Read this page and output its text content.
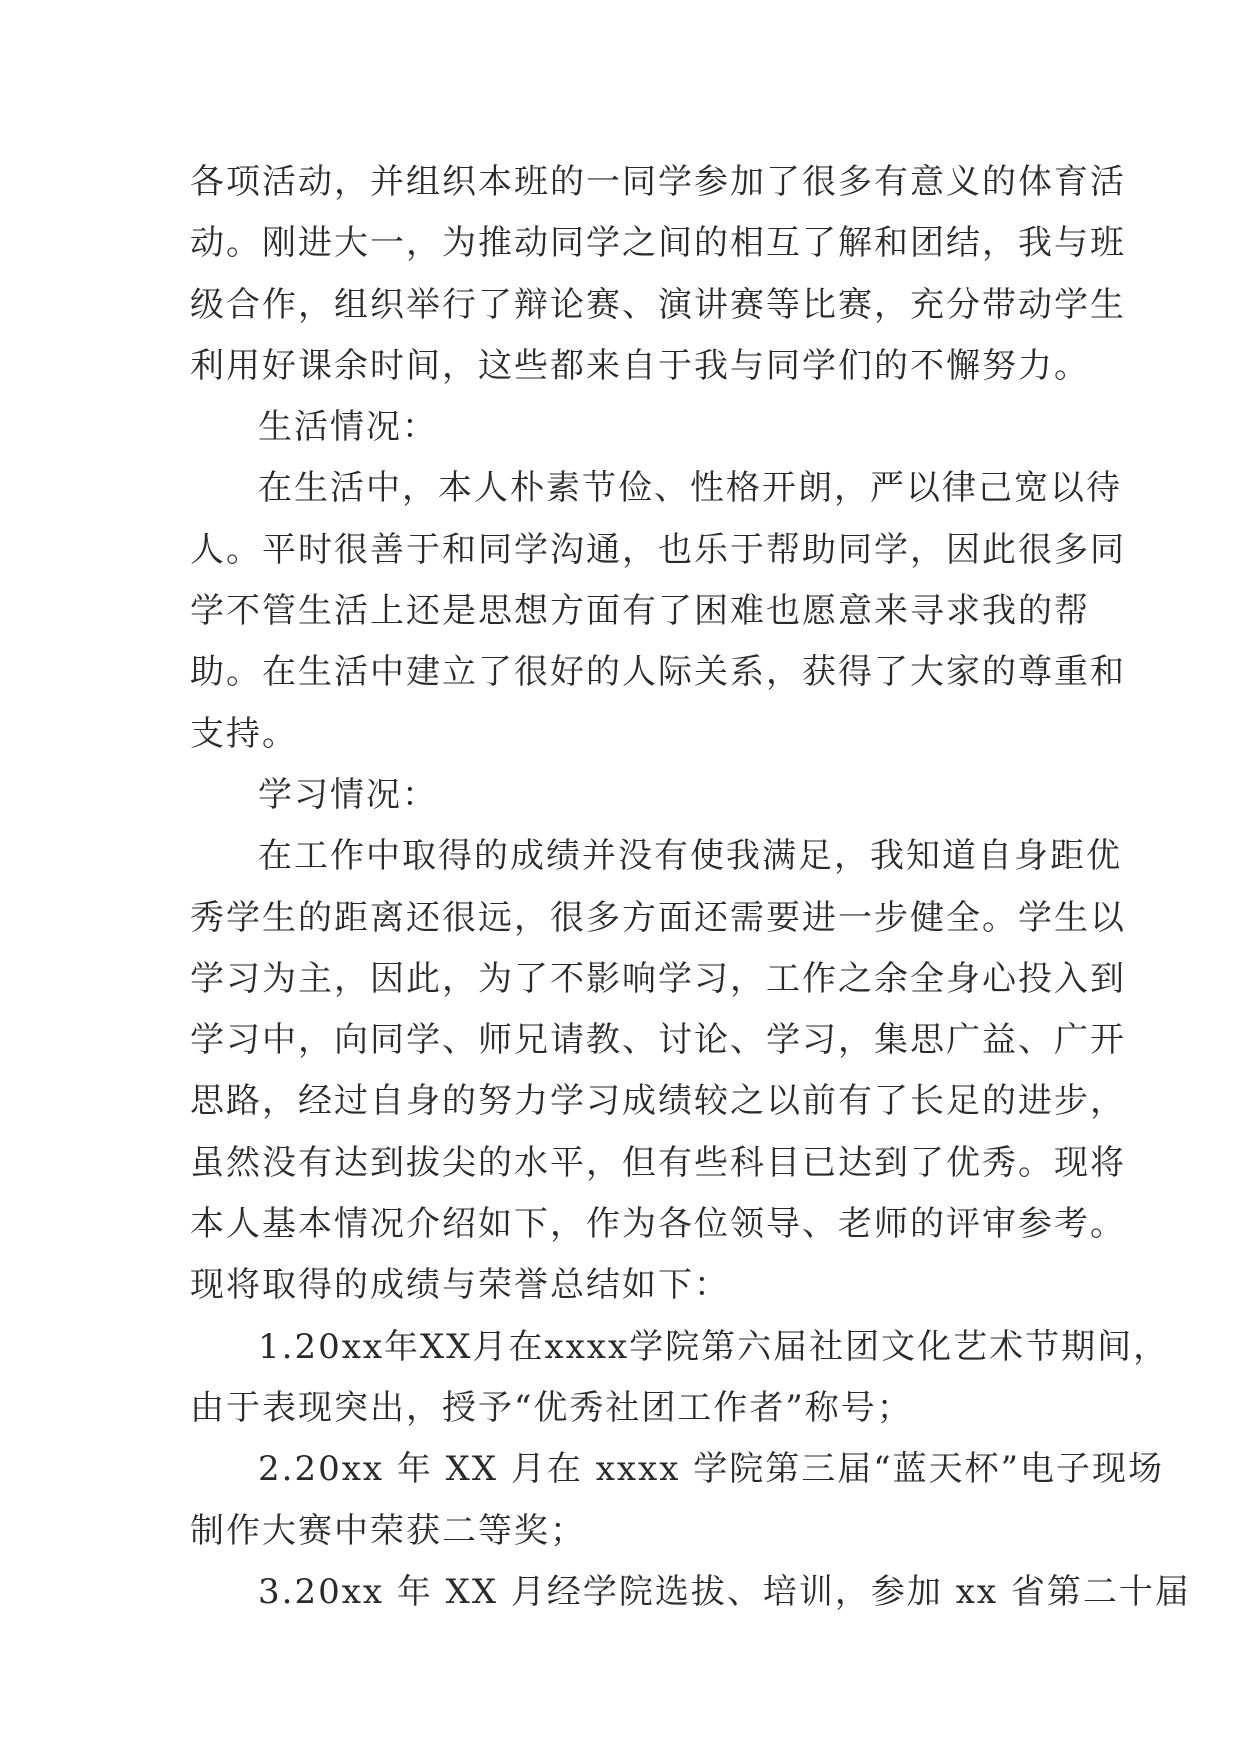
各项活动，并组织本班的一同学参加了很多有意义的体育活
动。刚进大一，为推动同学之间的相互了解和团结，我与班
级合作，组织举行了辩论赛、演讲赛等比赛，充分带动学生
利用好课余时间，这些都来自于我与同学们的不懈努力。
生活情况：
在生活中，本人朴素节俭、性格开朗，严以律己宽以待
人。平时很善于和同学沟通，也乐于帮助同学，因此很多同
学不管生活上还是思想方面有了困难也愿意来寻求我的帮
助。在生活中建立了很好的人际关系，获得了大家的尊重和
支持。
学习情况：
在工作中取得的成绩并没有使我满足，我知道自身距优
秀学生的距离还很远，很多方面还需要进一步健全。学生以
学习为主，因此，为了不影响学习，工作之余全身心投入到
学习中，向同学、师兄请教、讨论、学习，集思广益、广开
思路，经过自身的努力学习成绩较之以前有了长足的进步，
虽然没有达到拔尖的水平，但有些科目已达到了优秀。现将
本人基本情况介绍如下，作为各位领导、老师的评审参考。
现将取得的成绩与荣誉总结如下：
1.20xx年XX月在xxxx学院第六届社团文化艺术节期间，
由于表现突出，授予“优秀社团工作者”称号；
2.20xx 年 XX 月在 xxxx 学院第三届“蓝天杯”电子现场
制作大赛中荣获二等奖；
3.20xx 年 XX 月经学院选拔、培训，参加 xx 省第二十届
